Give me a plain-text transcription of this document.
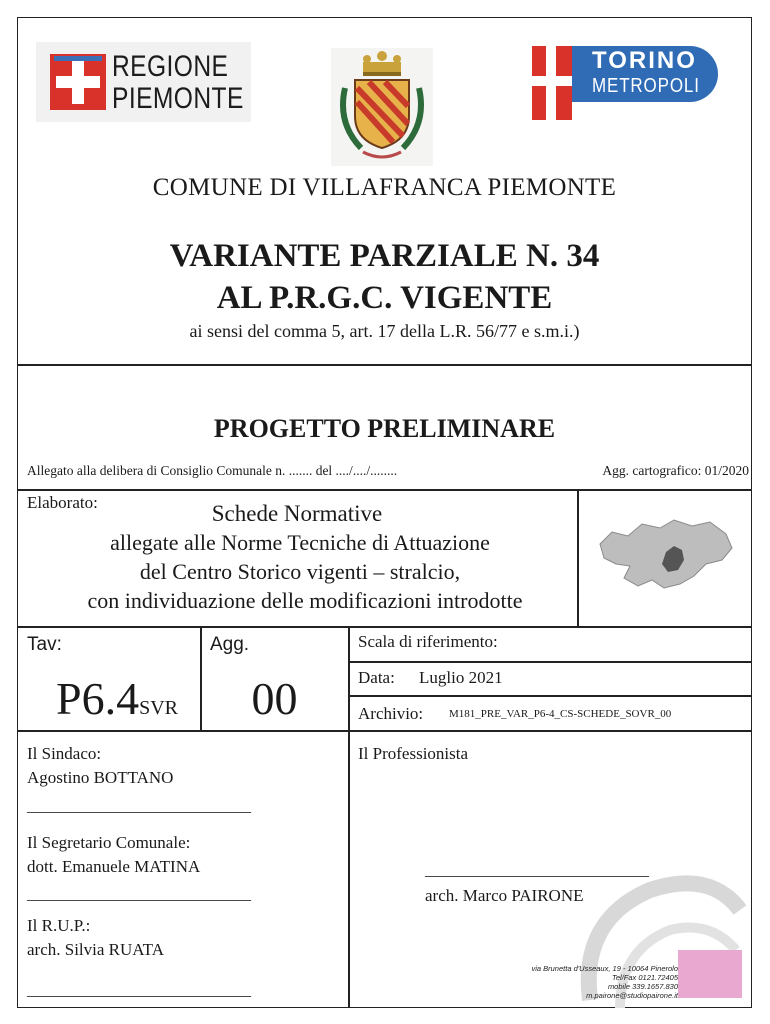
REGIONE
PIEMONTE
TORINO
METROPOLI
COMUNE DI VILLAFRANCA PIEMONTE
VARIANTE PARZIALE N. 34
AL P.R.G.C. VIGENTE
ai sensi del comma 5, art. 17 della L.R. 56/77 e s.m.i.)
PROGETTO PRELIMINARE
Allegato alla delibera di Consiglio Comunale n. ....... del ..../..../........	Agg. cartografico: 01/2020
Elaborato:	Schede Normative
allegate alle Norme Tecniche di Attuazione
del Centro Storico vigenti – stralcio,
con individuazione delle modificazioni introdotte
Tav:	Agg.
P6.4SVR	00
Scala di riferimento:
Data: Luglio 2021
Archivio: M181_PRE_VAR_P6-4_CS-SCHEDE_SOVR_00
Il Sindaco:
Agostino BOTTANO
____________________________
Il Segretario Comunale:
dott. Emanuele MATINA
____________________________
Il R.U.P.:
arch. Silvia RUATA
____________________________
Il Professionista
____________________________
arch. Marco PAIRONE
via Brunetta d'Usseaux, 19 - 10064 Pinerolo
Tel/Fax 0121.72405
mobile 339.1657.830
m.pairone@studiopairone.it
